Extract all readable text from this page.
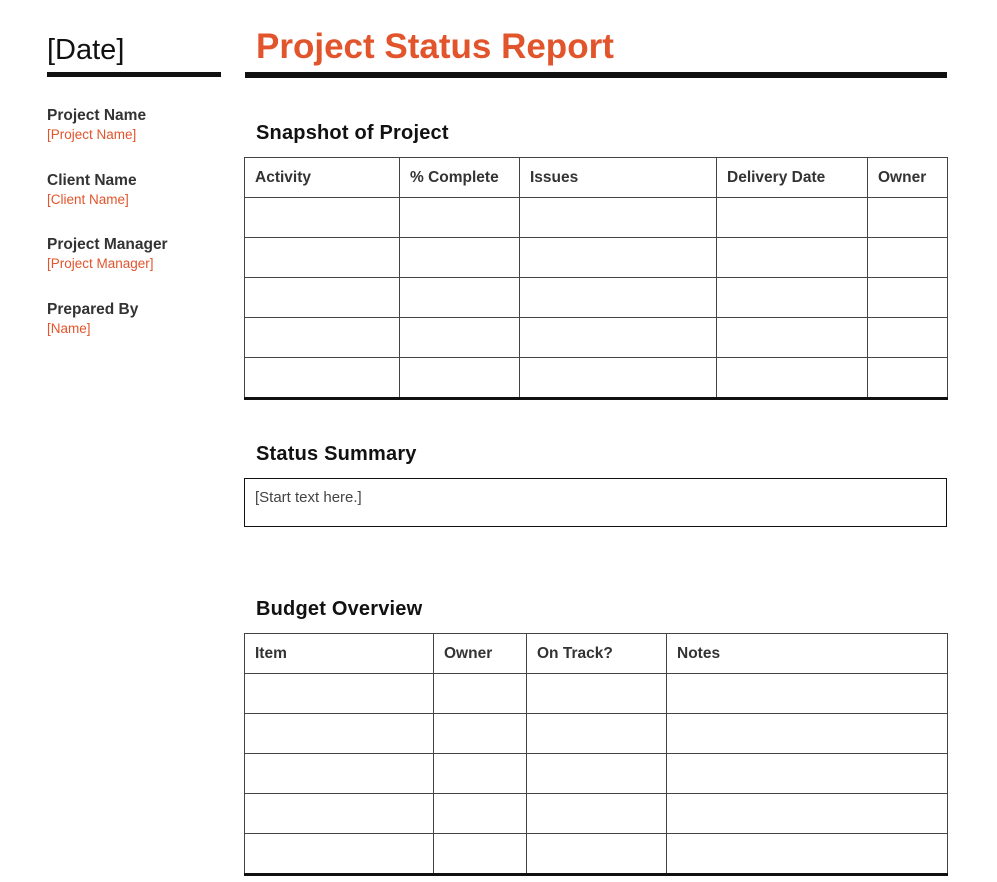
[Date]	Project Status Report
Project Name
[Project Name]
Client Name
[Client Name]
Project Manager
[Project Manager]
Prepared By
[Name]
Snapshot of Project
Activity	% Complete	Issues	Delivery Date	Owner

Status Summary
[Start text here.]
Budget Overview
Item	Owner	On Track?	Notes
